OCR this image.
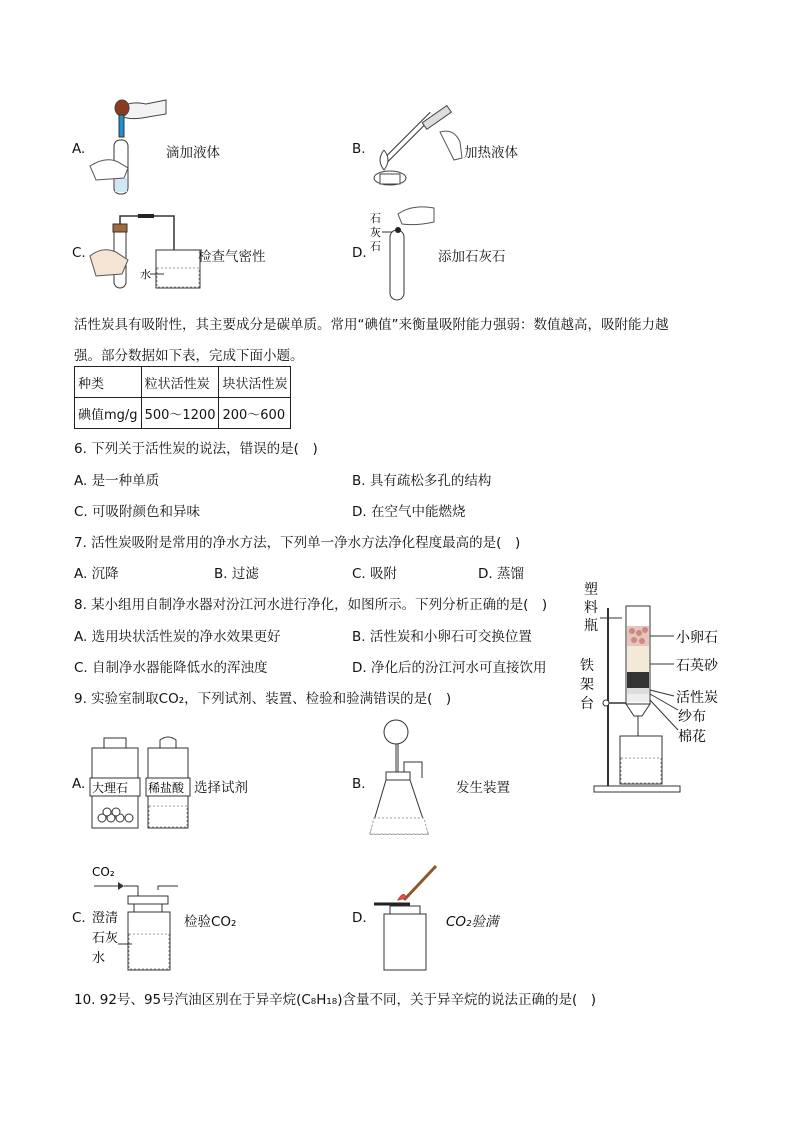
A.	滴加液体	B.	加热液体
C.
水
检查气密性	D.
石
灰
石
添加石灰石
活性炭具有吸附性，其主要成分是碳单质。常用“碘值”来衡量吸附能力强弱：数值越高，吸附能力越
强。部分数据如下表，完成下面小题。
种类	粒状活性炭	块状活性炭
碘值mg/g	500～1200	200～600
6. 下列关于活性炭的说法，错误的是(　)
A. 是一种单质	B. 具有疏松多孔的结构
C. 可吸附颜色和异味	D. 在空气中能燃烧
7. 活性炭吸附是常用的净水方法，下列单一净水方法净化程度最高的是(　)
A. 沉降	B. 过滤	C. 吸附	D. 蒸馏
8. 某小组用自制净水器对汾江河水进行净化，如图所示。下列分析正确的是(　)
A. 选用块状活性炭的净水效果更好	B. 活性炭和小卵石可交换位置
C. 自制净水器能降低水的浑浊度	D. 净化后的汾江河水可直接饮用
塑
料
瓶
铁
架
台
小卵石
石英砂
活性炭
纱布
棉花
9. 实验室制取CO₂，下列试剂、装置、检验和验满错误的是(　)
A. 大理石 稀盐酸 选择试剂	B.	发生装置
C.
CO₂
澄清
石灰
水
检验CO₂	D.	CO₂验满
10. 92号、95号汽油区别在于异辛烷(C₈H₁₈)含量不同，关于异辛烷的说法正确的是(　)
